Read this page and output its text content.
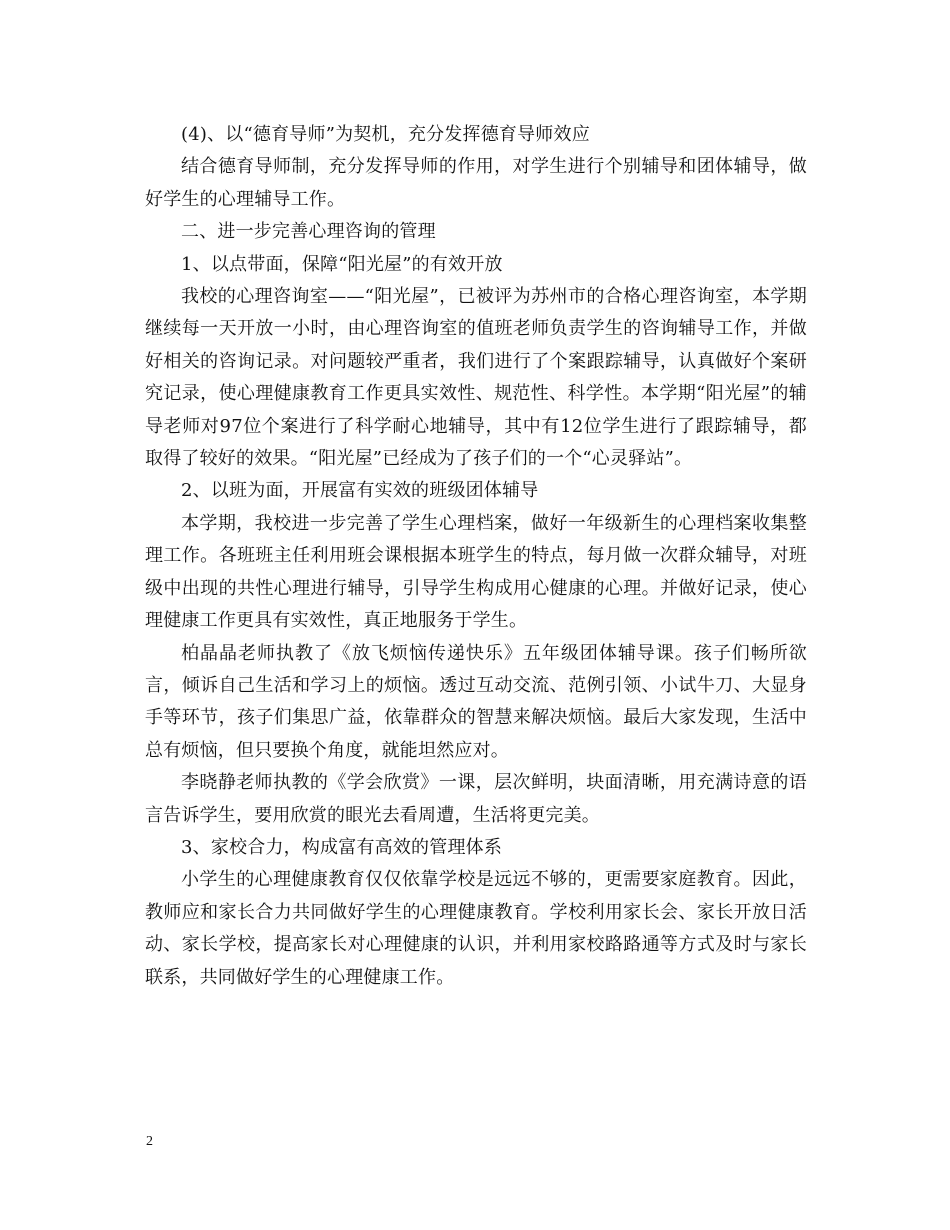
(4)、以“德育导师”为契机，充分发挥德育导师效应

结合德育导师制，充分发挥导师的作用，对学生进行个别辅导和团体辅导，做好学生的心理辅导工作。

二、进一步完善心理咨询的管理

1、以点带面，保障“阳光屋”的有效开放

我校的心理咨询室——“阳光屋”，已被评为苏州市的合格心理咨询室，本学期继续每一天开放一小时，由心理咨询室的值班老师负责学生的咨询辅导工作，并做好相关的咨询记录。对问题较严重者，我们进行了个案跟踪辅导，认真做好个案研究记录，使心理健康教育工作更具实效性、规范性、科学性。本学期“阳光屋”的辅导老师对97位个案进行了科学耐心地辅导，其中有12位学生进行了跟踪辅导，都取得了较好的效果。“阳光屋”已经成为了孩子们的一个“心灵驿站”。

2、以班为面，开展富有实效的班级团体辅导

本学期，我校进一步完善了学生心理档案，做好一年级新生的心理档案收集整理工作。各班班主任利用班会课根据本班学生的特点，每月做一次群众辅导，对班级中出现的共性心理进行辅导，引导学生构成用心健康的心理。并做好记录，使心理健康工作更具有实效性，真正地服务于学生。

柏晶晶老师执教了《放飞烦恼传递快乐》五年级团体辅导课。孩子们畅所欲言，倾诉自己生活和学习上的烦恼。透过互动交流、范例引领、小试牛刀、大显身手等环节，孩子们集思广益，依靠群众的智慧来解决烦恼。最后大家发现，生活中总有烦恼，但只要换个角度，就能坦然应对。

李晓静老师执教的《学会欣赏》一课，层次鲜明，块面清晰，用充满诗意的语言告诉学生，要用欣赏的眼光去看周遭，生活将更完美。

3、家校合力，构成富有高效的管理体系

小学生的心理健康教育仅仅依靠学校是远远不够的，更需要家庭教育。因此，教师应和家长合力共同做好学生的心理健康教育。学校利用家长会、家长开放日活动、家长学校，提高家长对心理健康的认识，并利用家校路路通等方式及时与家长联系，共同做好学生的心理健康工作。

2
